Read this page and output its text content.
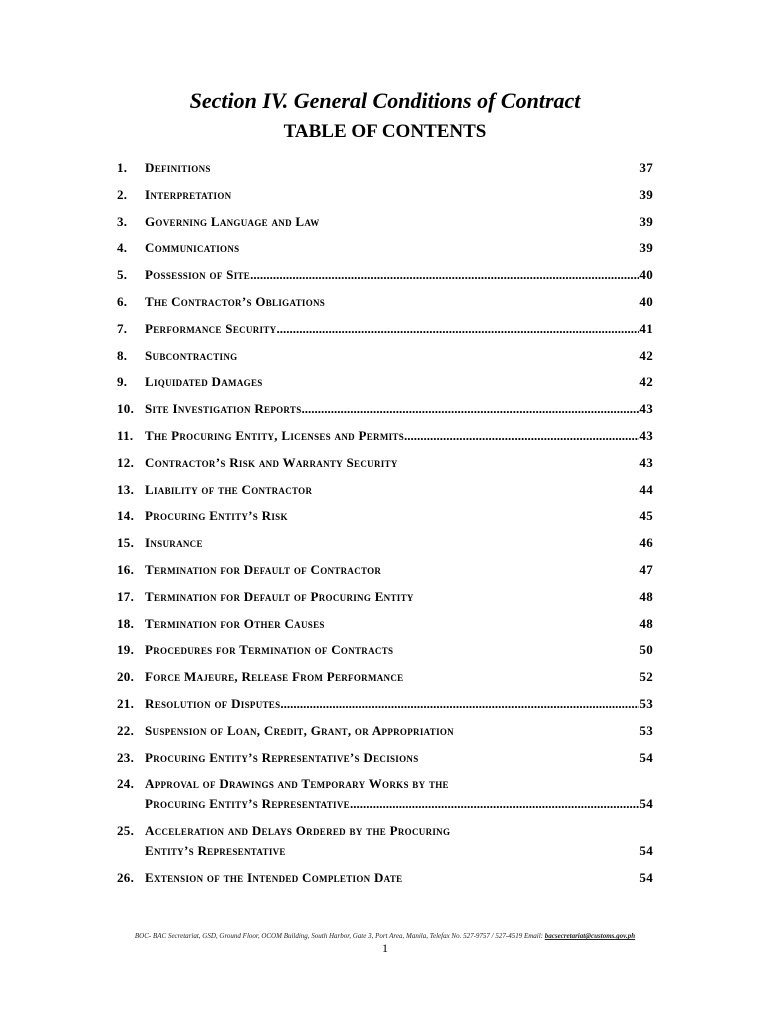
Section IV. General Conditions of Contract
TABLE OF CONTENTS
1.	Definitions	37
2.	Interpretation	39
3.	Governing Language and Law	39
4.	Communications	39
5.	Possession of Site .....	40
6.	The Contractor’s Obligations	40
7.	Performance Security .....	41
8.	Subcontracting	42
9.	Liquidated Damages	42
10. Site Investigation Reports .....	43
11. The Procuring Entity, Licenses and Permits .....	43
12. Contractor’s Risk and Warranty Security	43
13. Liability of the Contractor	44
14. Procuring Entity’s Risk	45
15. Insurance	46
16. Termination for Default of Contractor	47
17. Termination for Default of Procuring Entity	48
18. Termination for Other Causes	48
19. Procedures for Termination of Contracts	50
20. Force Majeure, Release From Performance	52
21. Resolution of Disputes .....	53
22. Suspension of Loan, Credit, Grant, or Appropriation	53
23. Procuring Entity’s Representative’s Decisions	54
24. Approval of Drawings and Temporary Works by the
Procuring Entity’s Representative .....	54
25. Acceleration and Delays Ordered by the Procuring
Entity’s Representative	54
26. Extension of the Intended Completion Date	54
BOC- BAC Secretariat, GSD, Ground Floor, OCOM Building, South Harbor, Gate 3, Port Area, Manila, Telefax No. 527-9757 / 527-4519 Email: bacsecretariat@customs.gov.ph
1
